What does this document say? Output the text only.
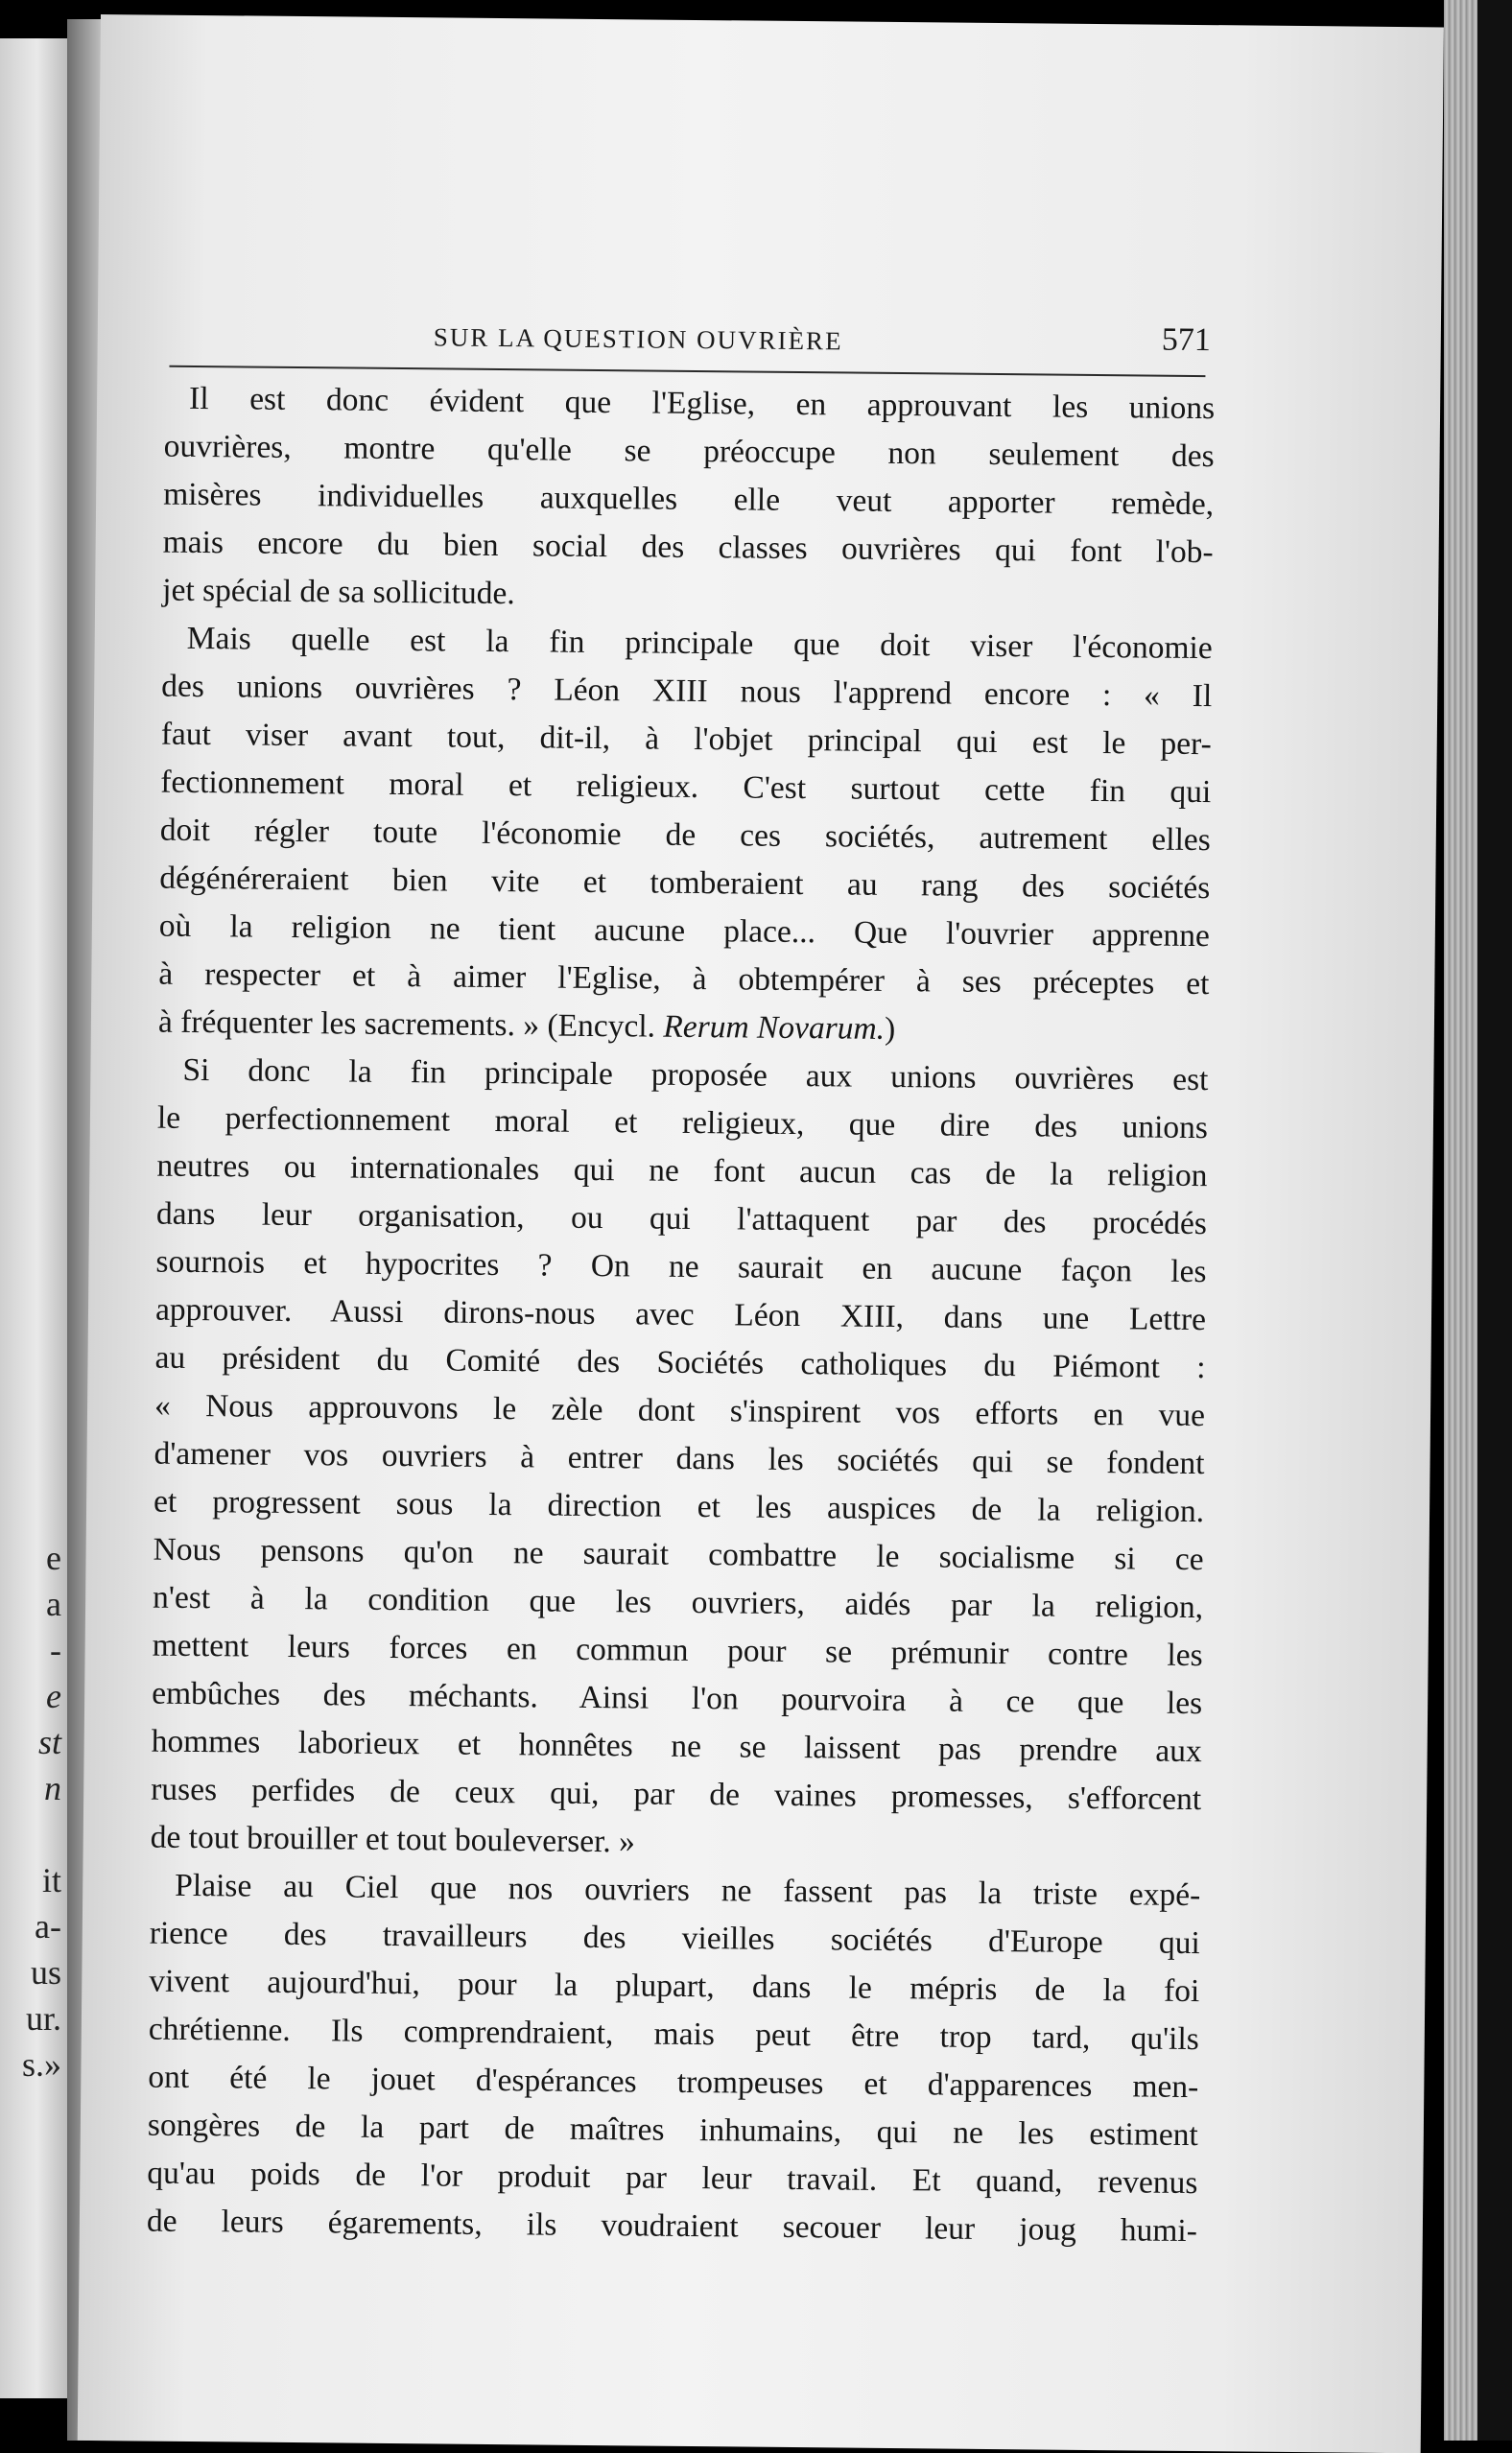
e
a
-
e
st
n
it
a-
us
ur.
s.»
SUR LA QUESTION OUVRIÈRE	571
Il est donc évident que l'Eglise, en approuvant les unions
ouvrières, montre qu'elle se préoccupe non seulement des
misères individuelles auxquelles elle veut apporter remède,
mais encore du bien social des classes ouvrières qui font l'ob-
jet spécial de sa sollicitude.
Mais quelle est la fin principale que doit viser l'économie
des unions ouvrières ? Léon XIII nous l'apprend encore : « Il
faut viser avant tout, dit-il, à l'objet principal qui est le per-
fectionnement moral et religieux. C'est surtout cette fin qui
doit régler toute l'économie de ces sociétés, autrement elles
dégénéreraient bien vite et tomberaient au rang des sociétés
où la religion ne tient aucune place... Que l'ouvrier apprenne
à respecter et à aimer l'Eglise, à obtempérer à ses préceptes et
à fréquenter les sacrements. » (Encycl. Rerum Novarum.)
Si donc la fin principale proposée aux unions ouvrières est
le perfectionnement moral et religieux, que dire des unions
neutres ou internationales qui ne font aucun cas de la religion
dans leur organisation, ou qui l'attaquent par des procédés
sournois et hypocrites ? On ne saurait en aucune façon les
approuver. Aussi dirons-nous avec Léon XIII, dans une Lettre
au président du Comité des Sociétés catholiques du Piémont :
« Nous approuvons le zèle dont s'inspirent vos efforts en vue
d'amener vos ouvriers à entrer dans les sociétés qui se fondent
et progressent sous la direction et les auspices de la religion.
Nous pensons qu'on ne saurait combattre le socialisme si ce
n'est à la condition que les ouvriers, aidés par la religion,
mettent leurs forces en commun pour se prémunir contre les
embûches des méchants. Ainsi l'on pourvoira à ce que les
hommes laborieux et honnêtes ne se laissent pas prendre aux
ruses perfides de ceux qui, par de vaines promesses, s'efforcent
de tout brouiller et tout bouleverser. »
Plaise au Ciel que nos ouvriers ne fassent pas la triste expé-
rience des travailleurs des vieilles sociétés d'Europe qui
vivent aujourd'hui, pour la plupart, dans le mépris de la foi
chrétienne. Ils comprendraient, mais peut être trop tard, qu'ils
ont été le jouet d'espérances trompeuses et d'apparences men-
songères de la part de maîtres inhumains, qui ne les estiment
qu'au poids de l'or produit par leur travail. Et quand, revenus
de leurs égarements, ils voudraient secouer leur joug humi-
